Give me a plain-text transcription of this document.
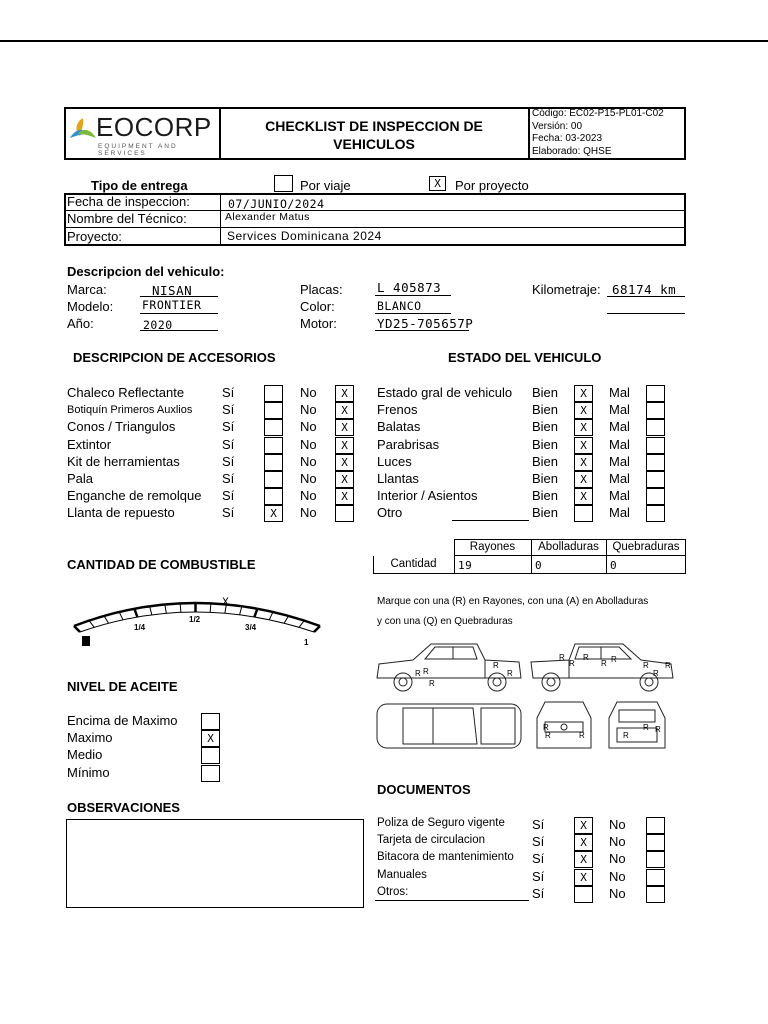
EOCORP
EQUIPMENT AND SERVICES
CHECKLIST DE INSPECCION DE
VEHICULOS
Código: EC02-P15-PL01-C02
Versión: 00
Fecha: 03-2023
Elaborado: QHSE
Tipo de entrega	Por viaje	X	Por proyecto
Fecha de inspeccion:	07/JUNIO/2024
Nombre del Técnico:	Alexander Matus
Proyecto:	Services Dominicana 2024
Descripcion del vehiculo:
Marca:	NISAN
Modelo:	FRONTIER
Año:	2020
Placas:	L 405873
Color:	BLANCO
Motor:	YD25-705657P
Kilometraje: 68174 km
DESCRIPCION DE ACCESORIOS	ESTADO DEL VEHICULO
Chaleco Reflectante	Sí	No	X
Botiquín Primeros Auxlios Sí	No	X
Conos / Triangulos	Sí	No	X
Extintor	Sí	No	X
Kit de herramientas	Sí	No	X
Pala	Sí	No	X
Enganche de remolque Sí	No	X
Llanta de repuesto	Sí	X	No
Estado gral de vehiculo Bien	X	Mal
Frenos	Bien	X	Mal
Balatas	Bien	X	Mal
Parabrisas	Bien	X	Mal
Luces	Bien	X	Mal
Llantas	Bien	X	Mal
Interior / Asientos	Bien	X	Mal
Otro	Bien	Mal
Rayones	Abolladuras	Quebraduras
Cantidad	19	0	0
Marque con una (R) en Rayones, con una (A) en Abolladuras
y con una (Q) en Quebraduras
CANTIDAD DE COMBUSTIBLE
1/4
1/2
3/4
1
X
R
R
R
R
R
R
R
R
R R
R
R
R
R
R	R	R
R R
NIVEL DE ACEITE
Encima de Maximo
Maximo	X
Medio
Mínimo
OBSERVACIONES
DOCUMENTOS
Poliza de Seguro vigente Sí	X	No
Tarjeta de circulacion	Sí	X	No
Bitacora de mantenimiento Sí	X	No
Manuales	Sí	X	No
Otros:	Sí	No
